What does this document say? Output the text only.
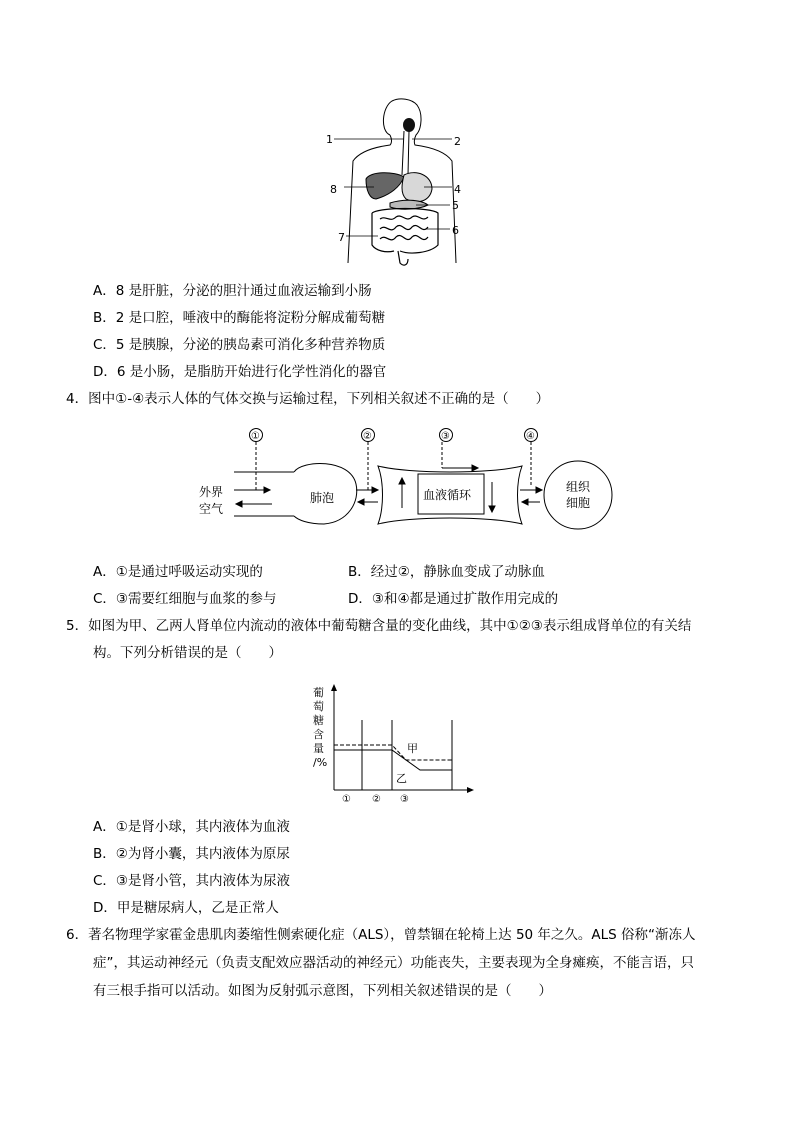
1	2
8	4
5
6
7
A．8 是肝脏，分泌的胆汁通过血液运输到小肠
B．2 是口腔，唾液中的酶能将淀粉分解成葡萄糖
C．5 是胰腺，分泌的胰岛素可消化多种营养物质
D．6 是小肠，是脂肪开始进行化学性消化的器官
4．图中①-④表示人体的气体交换与运输过程，下列相关叙述不正确的是（　　）
①	②	③	④
外界
空气
肺泡	血液循环
组织
细胞
A．①是通过呼吸运动实现的	B．经过②，静脉血变成了动脉血
C．③需要红细胞与血浆的参与	D．③和④都是通过扩散作用完成的
5．如图为甲、乙两人肾单位内流动的液体中葡萄糖含量的变化曲线，其中①②③表示组成肾单位的有关结
构。下列分析错误的是（　　）
甲
乙
① ② ③
葡
萄
糖
含
量
/%
A．①是肾小球，其内液体为血液
B．②为肾小囊，其内液体为原尿
C．③是肾小管，其内液体为尿液
D．甲是糖尿病人，乙是正常人
6．著名物理学家霍金患肌肉萎缩性侧索硬化症（ALS），曾禁锢在轮椅上达 50 年之久。ALS 俗称“渐冻人
症”，其运动神经元（负责支配效应器活动的神经元）功能丧失，主要表现为全身瘫痪，不能言语，只
有三根手指可以活动。如图为反射弧示意图，下列相关叙述错误的是（　　）
